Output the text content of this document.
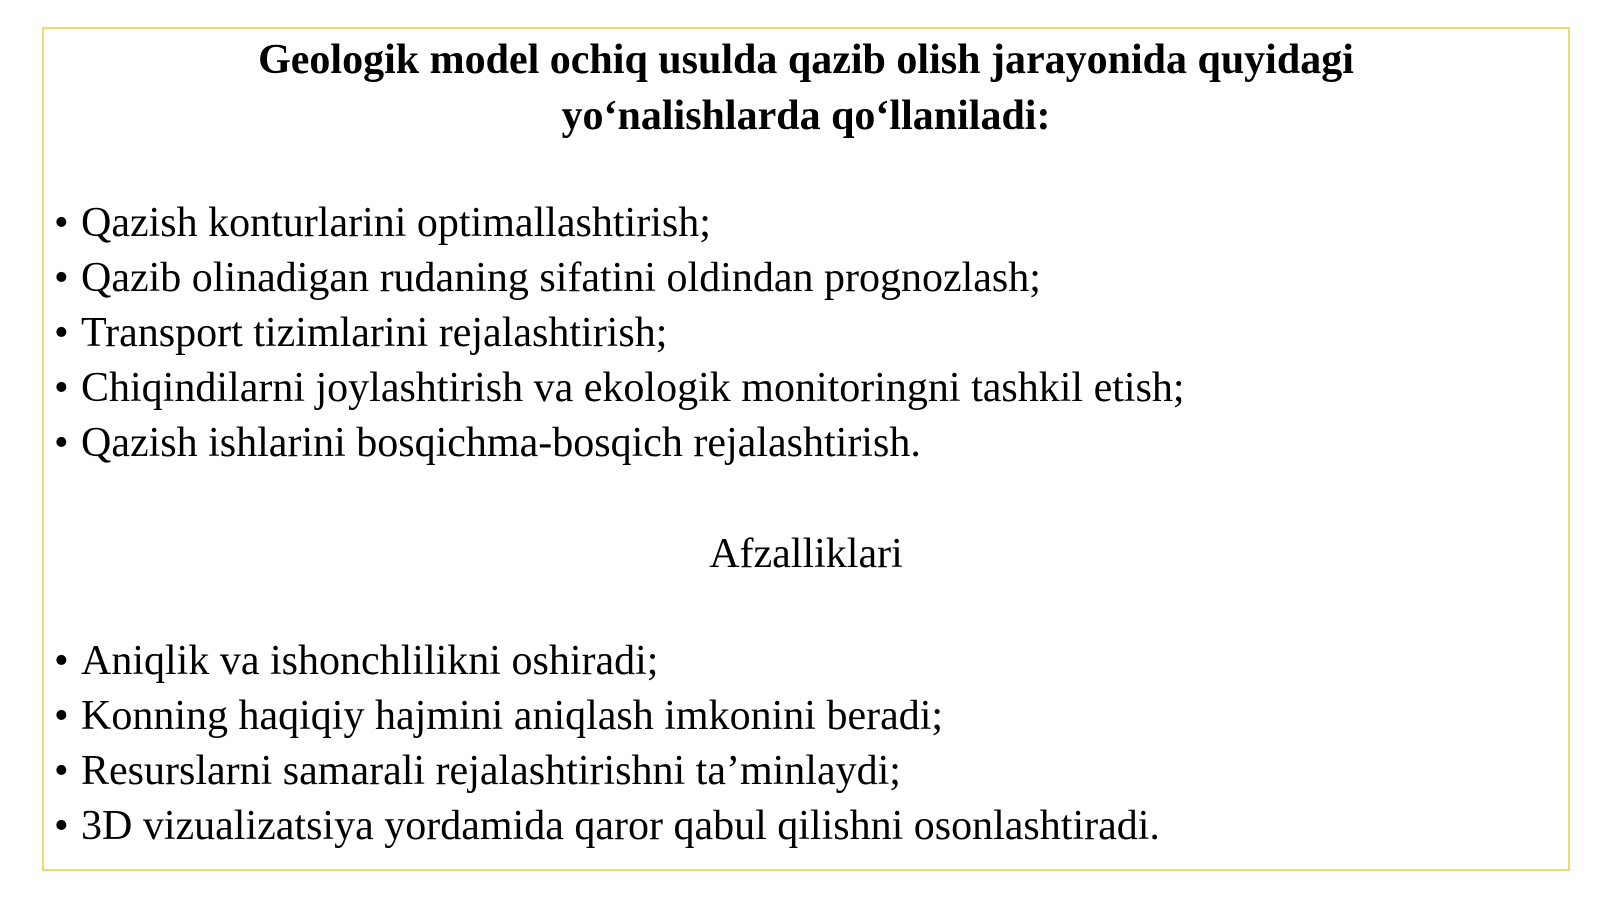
Geologik model ochiq usulda qazib olish jarayonida quyidagi
yo‘nalishlarda qo‘llaniladi:
• Qazish konturlarini optimallashtirish;
• Qazib olinadigan rudaning sifatini oldindan prognozlash;
• Transport tizimlarini rejalashtirish;
• Chiqindilarni joylashtirish va ekologik monitoringni tashkil etish;
• Qazish ishlarini bosqichma-bosqich rejalashtirish.
Afzalliklari
• Aniqlik va ishonchlilikni oshiradi;
• Konning haqiqiy hajmini aniqlash imkonini beradi;
• Resurslarni samarali rejalashtirishni ta’minlaydi;
• 3D vizualizatsiya yordamida qaror qabul qilishni osonlashtiradi.
